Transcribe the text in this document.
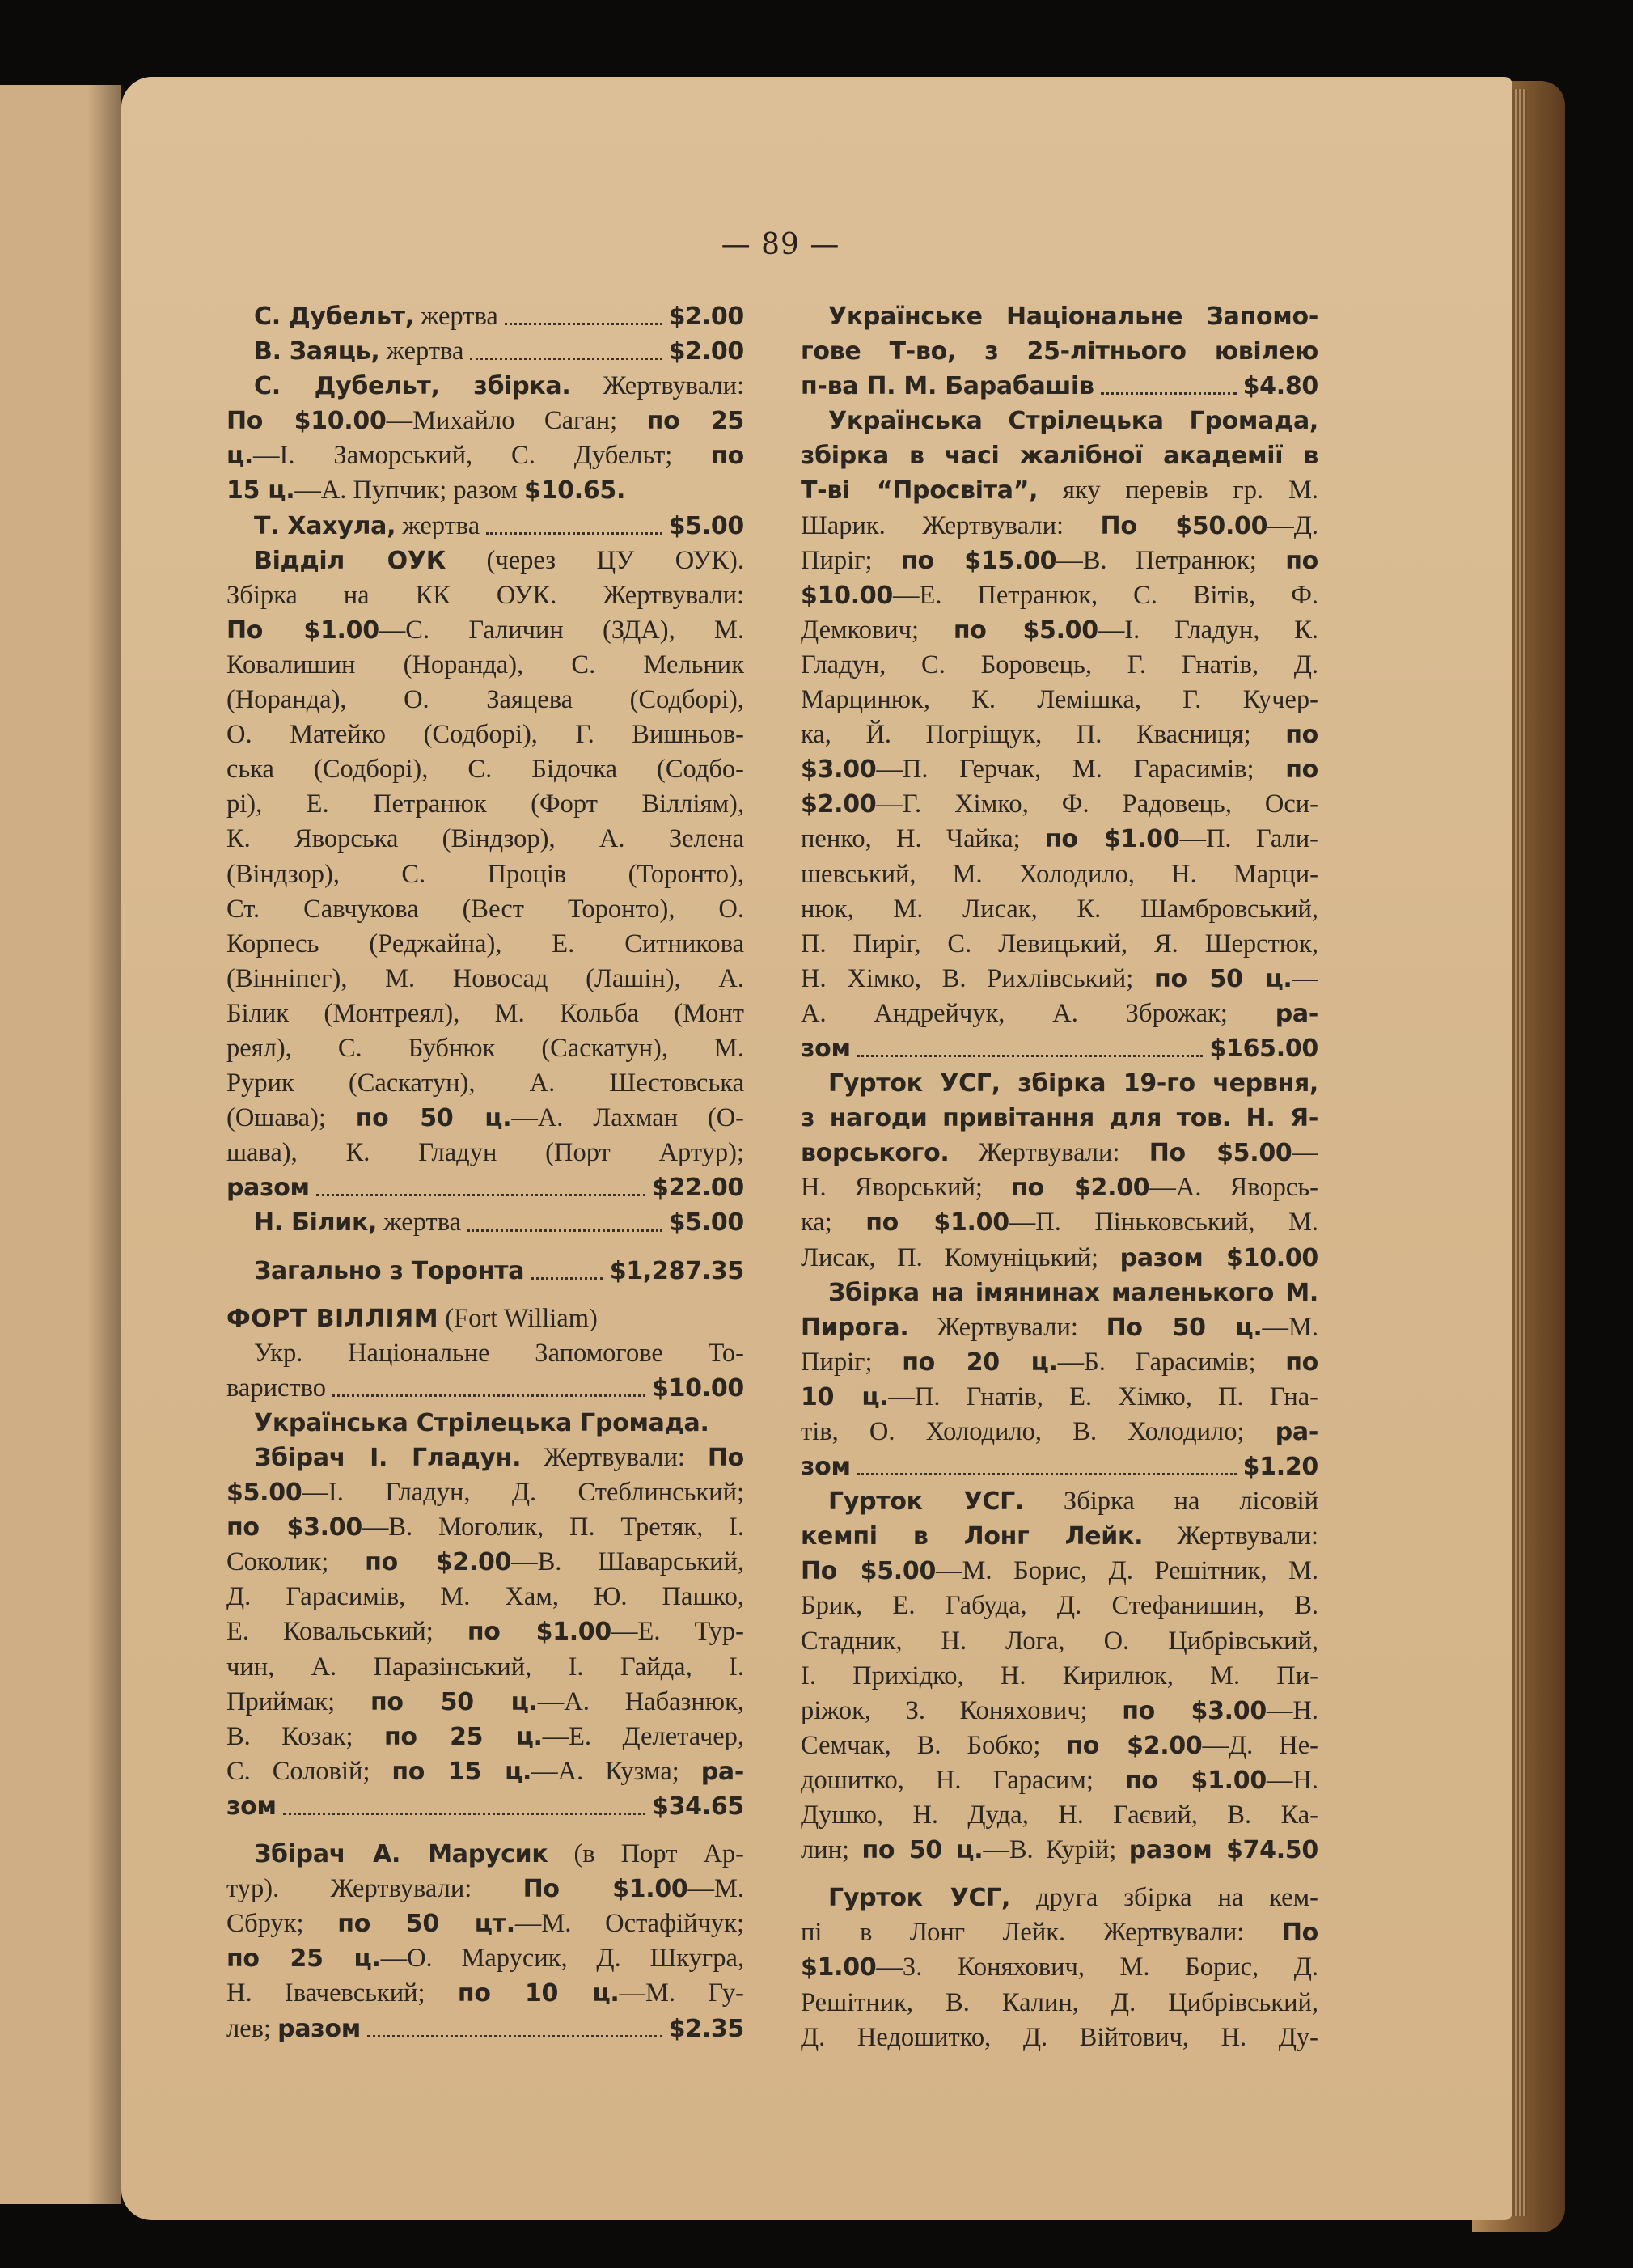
— 89 —
С. Дубельт, жертва	$2.00
В. Заяць, жертва	$2.00
С. Дубельт, збірка. Жертвували:
По $10.00 —Михайло Саган; по 25
ц. —І. Заморський, С. Дубельт; по
15 ц. —А. Пупчик; разом $10.65.
Т. Хахула, жертва	$5.00
Відділ ОУК (через ЦУ ОУК).
Збірка на КК ОУК. Жертвували:
По $1.00 —С. Галичин (ЗДА), М.
Ковалишин (Норанда), С. Мельник
(Норанда), О. Заяцева (Содборі),
О. Матейко (Содборі), Г. Вишньов-
ська (Содборі), С. Бідочка (Содбо-
рі), Е. Петранюк (Форт Вілліям),
К. Яворська (Віндзор), А. Зелена
(Віндзор), С. Проців (Торонто),
Ст. Савчукова (Вест Торонто), О.
Корпесь (Реджайна), Е. Ситникова
(Вінніпег), М. Новосад (Лашін), А.
Білик (Монтреял), М. Кольба (Монт
реял), С. Бубнюк (Саскатун), М.
Рурик (Саскатун), А. Шестовська
(Ошава); по 50 ц. —А. Лахман (О-
шава), К. Гладун (Порт Артур);
разом	$22.00
Н. Білик, жертва	$5.00
Загально з Торонта	$1,287.35
ФОРТ ВІЛЛІЯМ (Fort William)
Укр. Національне Запомогове То-
вариство	$10.00
Українська Стрілецька Громада.
Збірач І. Гладун. Жертвували: По
$5.00 —І. Гладун, Д. Стеблинський;
по $3.00 —В. Моголик, П. Третяк, І.
Соколик; по $2.00 —В. Шаварський,
Д. Гарасимів, М. Хам, Ю. Пашко,
Е. Ковальський; по $1.00 —Е. Тур-
чин, А. Паразінський, І. Гайда, І.
Приймак; по 50 ц. —А. Набазнюк,
В. Козак; по 25 ц. —Е. Делетачер,
С. Соловій; по 15 ц. —А. Кузма; ра-
зом	$34.65
Збірач А. Марусик (в Порт Ар-
тур). Жертвували: По $1.00 —М.
Сбрук; по 50 цт. —М. Остафійчук;
по 25 ц. —О. Марусик, Д. Шкугра,
Н. Івачевський; по 10 ц. —М. Гу-
лев; разом	$2.35
Українське Національне Запомо-
гове Т-во, з 25-літнього ювілею
п-ва П. М. Барабашів	$4.80
Українська Стрілецька Громада,
збірка в часі жалібної академії в
Т-ві “Просвіта”, яку перевів гр. М.
Шарик. Жертвували: По $50.00 —Д.
Пиріг; по $15.00 —В. Петранюк; по
$10.00 —Е. Петранюк, С. Вітів, Ф.
Демкович; по $5.00 —І. Гладун, К.
Гладун, С. Боровець, Г. Гнатів, Д.
Марцинюк, К. Лемішка, Г. Кучер-
ка, Й. Погріщук, П. Квасниця; по
$3.00 —П. Герчак, М. Гарасимів; по
$2.00 —Г. Хімко, Ф. Радовець, Оси-
пенко, Н. Чайка; по $1.00 —П. Гали-
шевський, М. Холодило, Н. Марци-
нюк, М. Лисак, К. Шамбровський,
П. Пиріг, С. Левицький, Я. Шерстюк,
Н. Хімко, В. Рихлівський; по 50 ц. —
А. Андрейчук, А. Зброжак; ра-
зом	$165.00
Гурток УСГ, збірка 19-го червня,
з нагоди привітання для тов. Н. Я-
ворського. Жертвували: По $5.00 —
Н. Яворський; по $2.00 —А. Яворсь-
ка; по $1.00 —П. Піньковський, М.
Лисак, П. Комуніцький; разом $10.00
Збірка на імянинах маленького М.
Пирога. Жертвували: По 50 ц. —М.
Пиріг; по 20 ц. —Б. Гарасимів; по
10 ц. —П. Гнатів, Е. Хімко, П. Гна-
тів, О. Холодило, В. Холодило; ра-
зом	$1.20
Гурток УСГ. Збірка на лісовій
кемпі в Лонг Лейк. Жертвували:
По $5.00 —М. Борис, Д. Решітник, М.
Брик, Е. Габуда, Д. Стефанишин, В.
Стадник, Н. Лога, О. Цибрівський,
І. Прихідко, Н. Кирилюк, М. Пи-
ріжок, З. Коняхович; по $3.00 —Н.
Семчак, В. Бобко; по $2.00 —Д. Не-
дошитко, Н. Гарасим; по $1.00 —Н.
Душко, Н. Дуда, Н. Гаєвий, В. Ка-
лин; по 50 ц. —В. Курій; разом $74.50
Гурток УСГ, друга збірка на кем-
пі в Лонг Лейк. Жертвували: По
$1.00 —З. Коняхович, М. Борис, Д.
Решітник, В. Калин, Д. Цибрівський,
Д. Недошитко, Д. Війтович, Н. Ду-
